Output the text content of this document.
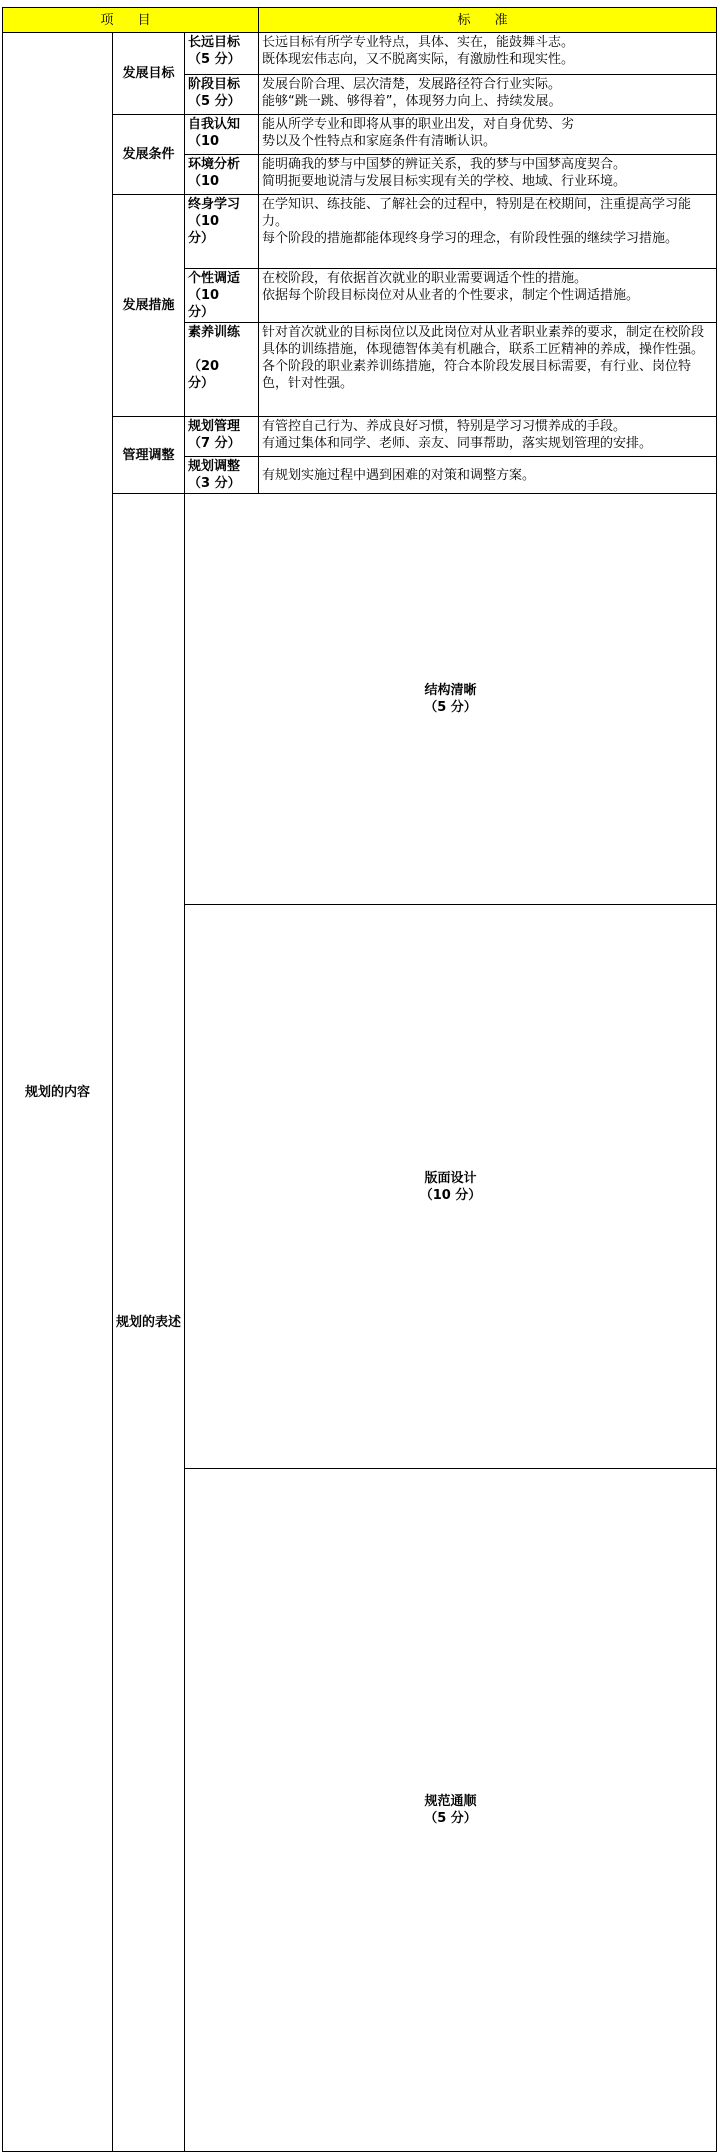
项 目			标 准	
规划的内容	发展目标	长远目标
（5 分）	长远目标有所学专业特点，具体、实在，能鼓舞斗志。
既体现宏伟志向，又不脱离实际，有激励性和现实性。	
		阶段目标
（5 分）	发展台阶合理、层次清楚，发展路径符合行业实际。
能够“跳一跳、够得着”，体现努力向上、持续发展。	
	发展条件	自我认知
（10	能从所学专业和即将从事的职业出发，对自身优势、劣
势以及个性特点和家庭条件有清晰认识。	
		环境分析
（10	能明确我的梦与中国梦的辨证关系，我的梦与中国梦高度契合。
简明扼要地说清与发展目标实现有关的学校、地域、行业环境。	
	发展措施	终身学习
（10
分）	在学知识、练技能、了解社会的过程中，特别是在校期间，注重提高学习能力。
每个阶段的措施都能体现终身学习的理念，有阶段性强的继续学习措施。	
		个性调适
（10
分）	在校阶段，有依据首次就业的职业需要调适个性的措施。
依据每个阶段目标岗位对从业者的个性要求，制定个性调适措施。	
		素养训练

（20
分）	针对首次就业的目标岗位以及此岗位对从业者职业素养的要求，制定在校阶段具体的训练措施，体现德智体美有机融合，联系工匠精神的养成，操作性强。
各个阶段的职业素养训练措施，符合本阶段发展目标需要，有行业、岗位特色，针对性强。	
	管理调整	规划管理
（7 分）	有管控自己行为、养成良好习惯，特别是学习习惯养成的手段。
有通过集体和同学、老师、亲友、同事帮助，落实规划管理的安排。	
		规划调整
（3 分）	有规划实施过程中遇到困难的对策和调整方案。	
	规划的表述	结构清晰
（5 分）	
		版面设计
（10 分）	
		规范通顺
（5 分）	
